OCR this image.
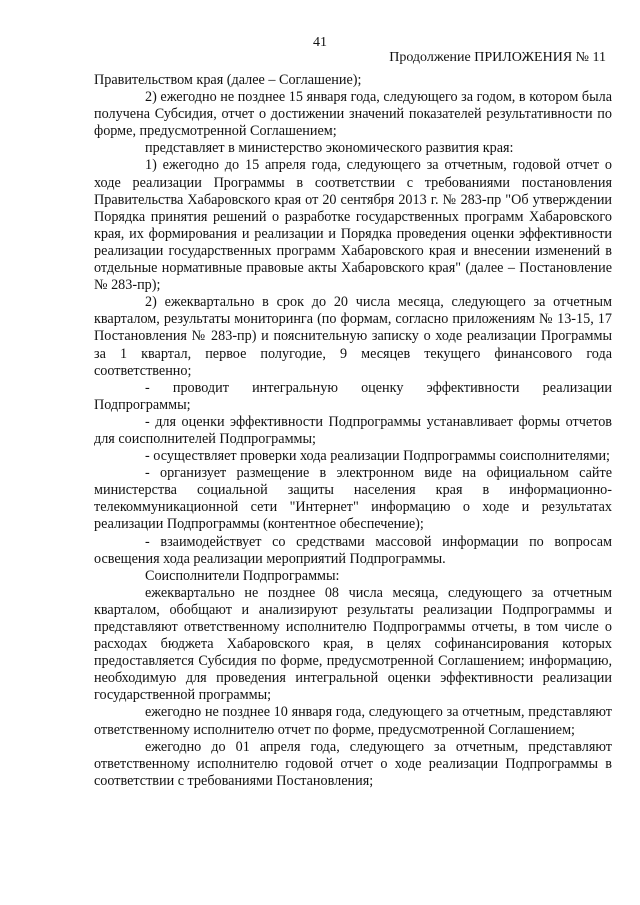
41
Продолжение ПРИЛОЖЕНИЯ № 11

Правительством края (далее – Соглашение);

2) ежегодно не позднее 15 января года, следующего за годом, в котором была получена Субсидия, отчет о достижении значений показателей результативности по форме, предусмотренной Соглашением;

представляет в министерство экономического развития края:

1) ежегодно до 15 апреля года, следующего за отчетным, годовой отчет о ходе реализации Программы в соответствии с требованиями постановления Правительства Хабаровского края от 20 сентября 2013 г. № 283-пр "Об утверждении Порядка принятия решений о разработке государственных программ Хабаровского края, их формирования и реализации и Порядка проведения оценки эффективности реализации государственных программ Хабаровского края и внесении изменений в отдельные нормативные правовые акты Хабаровского края" (далее – Постановление № 283-пр);

2) ежеквартально в срок до 20 числа месяца, следующего за отчетным кварталом, результаты мониторинга (по формам, согласно приложениям № 13-15, 17 Постановления № 283-пр) и пояснительную записку о ходе реализации Программы за 1 квартал, первое полугодие, 9 месяцев текущего финансового года соответственно;

- проводит интегральную оценку эффективности реализации Подпрограммы;

- для оценки эффективности Подпрограммы устанавливает формы отчетов для соисполнителей Подпрограммы;

- осуществляет проверки хода реализации Подпрограммы соисполнителями;

- организует размещение в электронном виде на официальном сайте министерства социальной защиты населения края в информационно-телекоммуникационной сети "Интернет" информацию о ходе и результатах реализации Подпрограммы (контентное обеспечение);

- взаимодействует со средствами массовой информации по вопросам освещения хода реализации мероприятий Подпрограммы.

Соисполнители Подпрограммы:

ежеквартально не позднее 08 числа месяца, следующего за отчетным кварталом, обобщают и анализируют результаты реализации Подпрограммы и представляют ответственному исполнителю Подпрограммы отчеты, в том числе о расходах бюджета Хабаровского края, в целях софинансирования которых предоставляется Субсидия по форме, предусмотренной Соглашением; информацию, необходимую для проведения интегральной оценки эффективности реализации государственной программы;

ежегодно не позднее 10 января года, следующего за отчетным, представляют ответственному исполнителю отчет по форме, предусмотренной Соглашением;

ежегодно до 01 апреля года, следующего за отчетным, представляют ответственному исполнителю годовой отчет о ходе реализации Подпрограммы в соответствии с требованиями Постановления;
